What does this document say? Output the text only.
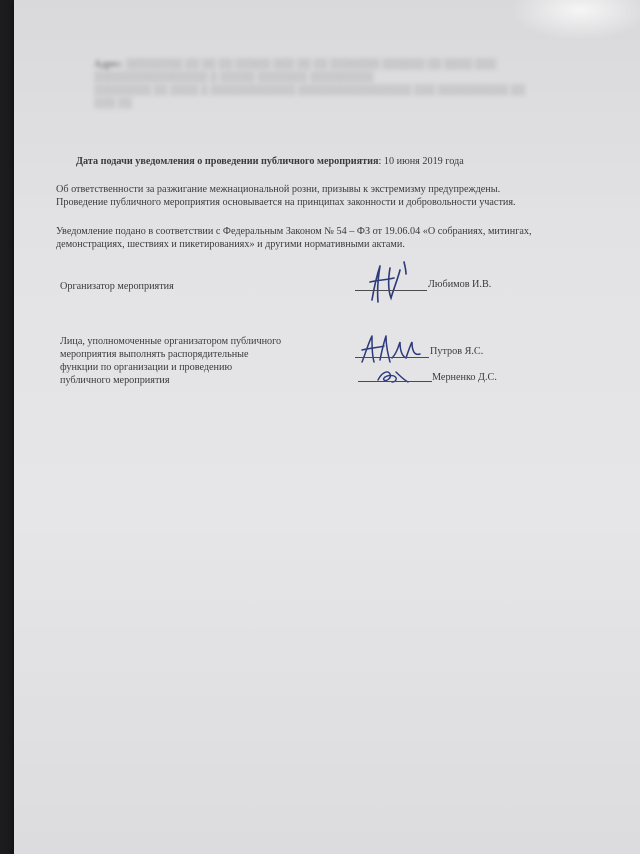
Адрес: ░░░░░░░░ ░░ ░░ ░░ ░░░░░ ░░░ ░░ ░░ ░░░░░░░ ░░░░░░ ░░ ░░░░ ░░░
░░░░░░░░░░░░░░░░ ░ ░░░░░ ░░░░░░░ ░░░░░░░░░
░░░░░░░░ ░░ ░░░░ ░ ░░░░░░░░░░░░ ░░░░░░░░░░░░░░░░ ░░░ ░░░░░░░░░░ ░░
░░░ ░░
Дата подачи уведомления о проведении публичного мероприятия: 10 июня 2019 года
Об ответственности за разжигание межнациональной розни, призывы к экстремизму предупреждены.
Проведение публичного мероприятия основывается на принципах законности и добровольности участия.
Уведомление подано в соответствии с Федеральным Законом № 54 – ФЗ от 19.06.04 «О собраниях, митингах,
демонстрациях, шествиях и пикетированиях» и другими нормативными актами.
Организатор мероприятия	Любимов И.В.
Лица, уполномоченные организатором публичного
мероприятия выполнять распорядительные
функции по организации и проведению
публичного мероприятия
Путров Я.С.
Мерненко Д.С.
